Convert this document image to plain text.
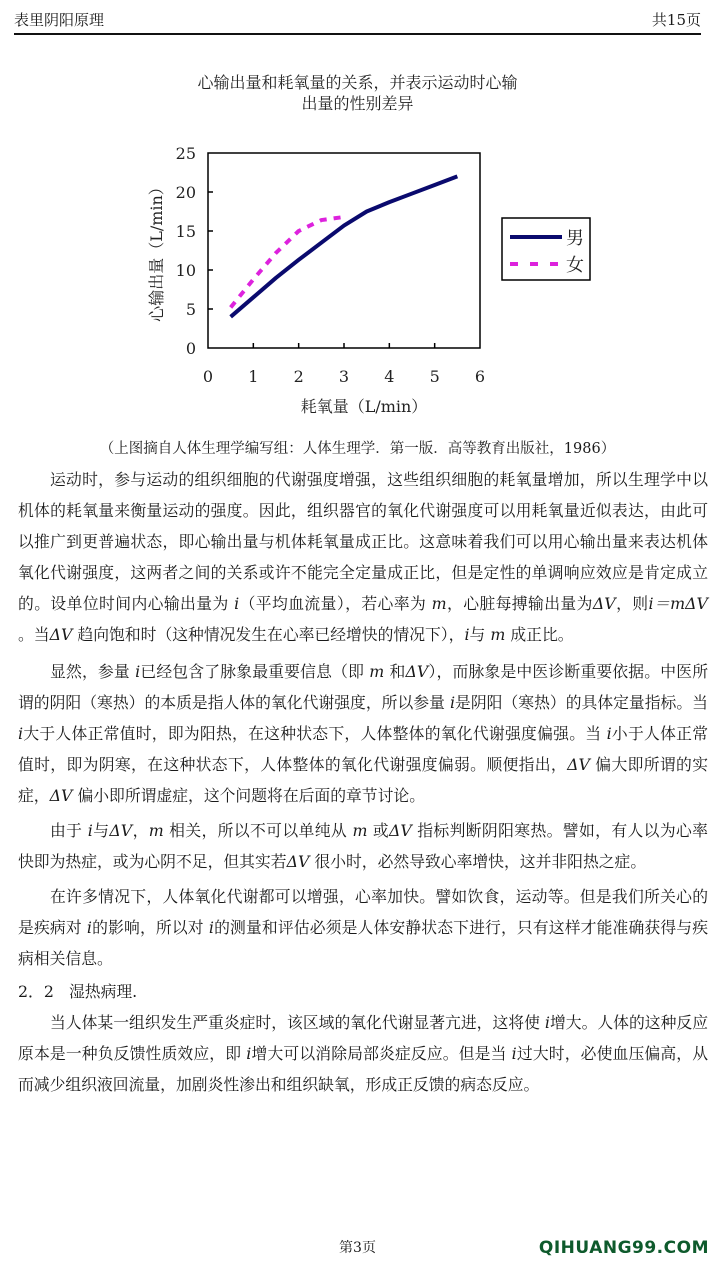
表里阴阳原理	共15页
心输出量和耗氧量的关系，并表示运动时心输
出量的性别差异
0 1 2 3 4 5 6
0
5
10
15
20
25
耗氧量（L/min）
心输出量（L/min）	男
女
（上图摘自人体生理学编写组：人体生理学．第一版．高等教育出版社，1986）

运动时，参与运动的组织细胞的代谢强度增强，这些组织细胞的耗氧量增加，所以生理学中以机体的耗氧量来衡量运动的强度。因此，组织器官的氧化代谢强度可以用耗氧量近似表达，由此可以推广到更普遍状态，即心输出量与机体耗氧量成正比。这意味着我们可以用心输出量来表达机体氧化代谢强度，这两者之间的关系或许不能完全定量成正比，但是定性的单调响应效应是肯定成立的。设单位时间内心输出量为 i（平均血流量），若心率为 m，心脏每搏输出量为ΔV，则i＝mΔV 。当ΔV 趋向饱和时（这种情况发生在心率已经增快的情况下），i与 m 成正比。

显然，参量 i已经包含了脉象最重要信息（即 m 和ΔV），而脉象是中医诊断重要依据。中医所谓的阴阳（寒热）的本质是指人体的氧化代谢强度，所以参量 i是阴阳（寒热）的具体定量指标。当 i大于人体正常值时，即为阳热，在这种状态下，人体整体的氧化代谢强度偏强。当 i小于人体正常值时，即为阴寒，在这种状态下，人体整体的氧化代谢强度偏弱。顺便指出，ΔV 偏大即所谓的实症，ΔV 偏小即所谓虚症，这个问题将在后面的章节讨论。

由于 i与ΔV，m 相关，所以不可以单纯从 m 或ΔV 指标判断阴阳寒热。譬如，有人以为心率快即为热症，或为心阴不足，但其实若ΔV 很小时，必然导致心率增快，这并非阳热之症。

在许多情况下，人体氧化代谢都可以增强，心率加快。譬如饮食，运动等。但是我们所关心的是疾病对 i的影响，所以对 i的测量和评估必须是人体安静状态下进行，只有这样才能准确获得与疾病相关信息。

2．2 湿热病理.

当人体某一组织发生严重炎症时，该区域的氧化代谢显著亢进，这将使 i增大。人体的这种反应原本是一种负反馈性质效应，即 i增大可以消除局部炎症反应。但是当 i过大时，必使血压偏高，从而减少组织液回流量，加剧炎性渗出和组织缺氧，形成正反馈的病态反应。

第3页	QIHUANG99.COM
